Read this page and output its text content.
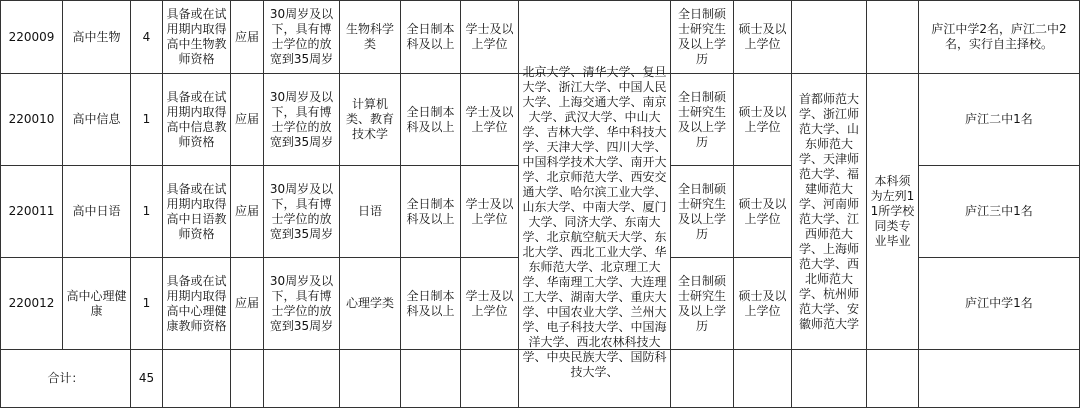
220009	高中生物	4	具备或在试用期内取得高中生物教师资格	应届	30周岁及以下，具有博士学位的放宽到35周岁	生物科学类	全日制本科及以上	学士及以上学位		全日制硕士研究生及以上学历	硕士及以上学位			庐江中学2名，庐江二中2名，实行自主择校。
220010	高中信息	1	具备或在试用期内取得高中信息教师资格	应届	30周岁及以下，具有博士学位的放宽到35周岁	计算机类、教育技术学	全日制本科及以上	学士及以上学位	北京大学、清华大学、复旦大学、浙江大学、中国人民大学、上海交通大学、南京大学、武汉大学、中山大学、吉林大学、华中科技大学、天津大学、四川大学、中国科学技术大学、南开大学、北京师范大学、西安交通大学、哈尔滨工业大学、山东大学、中南大学、厦门大学、同济大学、东南大学、北京航空航天大学、东北大学、西北工业大学、华东师范大学、北京理工大学、华南理工大学、大连理工大学、湖南大学、重庆大学、中国农业大学、兰州大学、电子科技大学、中国海洋大学、西北农林科技大学、中央民族大学、国防科技大学、	全日制硕士研究生及以上学历	硕士及以上学位	首都师范大学、浙江师范大学、山东师范大学、天津师范大学、福建师范大学、河南师范大学、江西师范大学、上海师范大学、西北师范大学、杭州师范大学、安徽师范大学	本科须为左列11所学校同类专业毕业	庐江二中1名
220011	高中日语	1	具备或在试用期内取得高中日语教师资格	应届	30周岁及以下，具有博士学位的放宽到35周岁	日语	全日制本科及以上	学士及以上学位		全日制硕士研究生及以上学历	硕士及以上学位			庐江三中1名
220012	高中心理健康	1	具备或在试用期内取得高中心理健康教师资格	应届	30周岁及以下，具有博士学位的放宽到35周岁	心理学类	全日制本科及以上	学士及以上学位		全日制硕士研究生及以上学历	硕士及以上学位			庐江中学1名
合计：		45												
